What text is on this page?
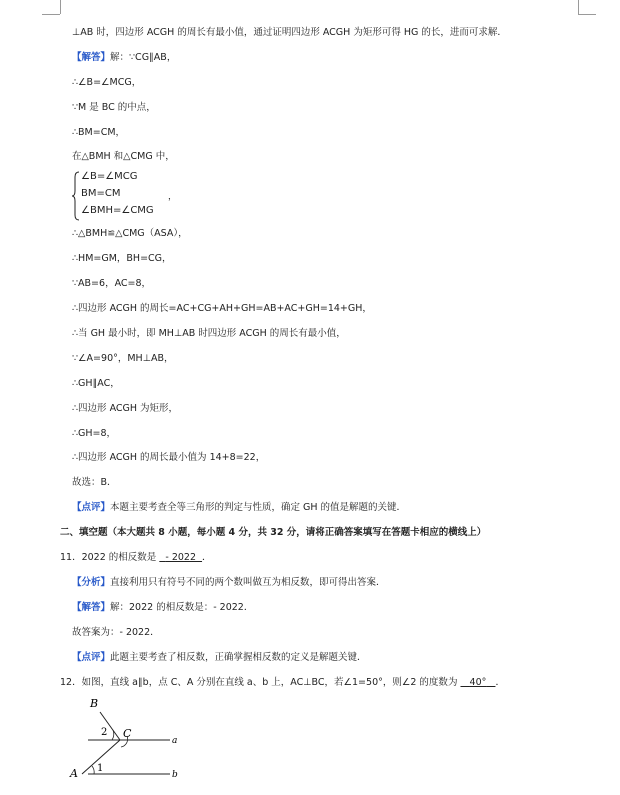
⊥AB 时，四边形 ACGH 的周长有最小值，通过证明四边形 ACGH 为矩形可得 HG 的长，进而可求解．
【解答】解：∵CG∥AB，
∴∠B=∠MCG，
∵M 是 BC 的中点，
∴BM=CM，
在△BMH 和△CMG 中，
∠B=∠MCG
BM=CM
∠BMH=∠CMG
，
∴△BMH≌△CMG（ASA），
∴HM=GM，BH=CG，
∵AB=6，AC=8，
∴四边形 ACGH 的周长=AC+CG+AH+GH=AB+AC+GH=14+GH，
∴当 GH 最小时，即 MH⊥AB 时四边形 ACGH 的周长有最小值，
∵∠A=90°，MH⊥AB，
∴GH∥AC，
∴四边形 ACGH 为矩形，
∴GH=8，
∴四边形 ACGH 的周长最小值为 14+8=22，
故选：B．
【点评】本题主要考查全等三角形的判定与性质，确定 GH 的值是解题的关键．
二、填空题（本大题共 8 小题，每小题 4 分，共 32 分，请将正确答案填写在答题卡相应的横线上）
11．2022 的相反数是 - 2022 ．
【分析】直接利用只有符号不同的两个数叫做互为相反数，即可得出答案．
【解答】解：2022 的相反数是：- 2022．
故答案为：- 2022．
【点评】此题主要考查了相反数，正确掌握相反数的定义是解题关键．
12．如图，直线 a∥b，点 C、A 分别在直线 a、b 上，AC⊥BC，若∠1=50°，则∠2 的度数为 40° ．
B
2 C
a
A 1
b
